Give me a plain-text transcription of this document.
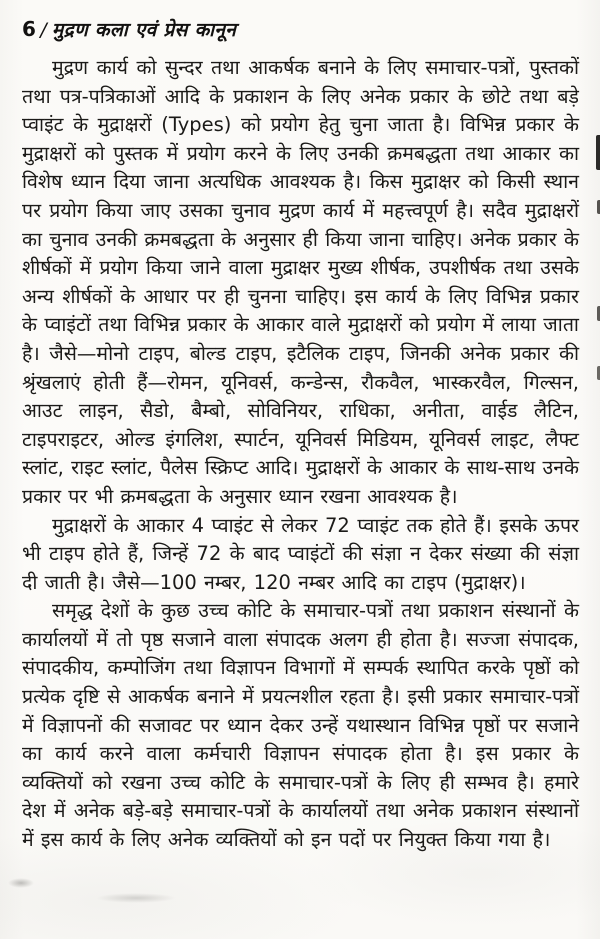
6 / मुद्रण कला एवं प्रेस कानून

मुद्रण कार्य को सुन्दर तथा आकर्षक बनाने के लिए समाचार-पत्रों, पुस्तकों तथा पत्र-पत्रिकाओं आदि के प्रकाशन के लिए अनेक प्रकार के छोटे तथा बड़े प्वाइंट के मुद्राक्षरों (Types) को प्रयोग हेतु चुना जाता है। विभिन्न प्रकार के मुद्राक्षरों को पुस्तक में प्रयोग करने के लिए उनकी क्रमबद्धता तथा आकार का विशेष ध्यान दिया जाना अत्यधिक आवश्यक है। किस मुद्राक्षर को किसी स्थान पर प्रयोग किया जाए उसका चुनाव मुद्रण कार्य में महत्त्वपूर्ण है। सदैव मुद्राक्षरों का चुनाव उनकी क्रमबद्धता के अनुसार ही किया जाना चाहिए। अनेक प्रकार के शीर्षकों में प्रयोग किया जाने वाला मुद्राक्षर मुख्य शीर्षक, उपशीर्षक तथा उसके अन्य शीर्षकों के आधार पर ही चुनना चाहिए। इस कार्य के लिए विभिन्न प्रकार के प्वाइंटों तथा विभिन्न प्रकार के आकार वाले मुद्राक्षरों को प्रयोग में लाया जाता है। जैसे—मोनो टाइप, बोल्ड टाइप, इटैलिक टाइप, जिनकी अनेक प्रकार की श्रृंखलाएं होती हैं—रोमन, यूनिवर्स, कन्डेन्स, रौकवैल, भास्करवैल, गिल्सन, आउट लाइन, सैडो, बैम्बो, सोविनियर, राधिका, अनीता, वाईड लैटिन, टाइपराइटर, ओल्ड इंगलिश, स्पार्टन, यूनिवर्स मिडियम, यूनिवर्स लाइट, लैफ्ट स्लांट, राइट स्लांट, पैलेस स्क्रिप्ट आदि। मुद्राक्षरों के आकार के साथ-साथ उनके प्रकार पर भी क्रमबद्धता के अनुसार ध्यान रखना आवश्यक है।

मुद्राक्षरों के आकार 4 प्वाइंट से लेकर 72 प्वाइंट तक होते हैं। इसके ऊपर भी टाइप होते हैं, जिन्हें 72 के बाद प्वाइंटों की संज्ञा न देकर संख्या की संज्ञा दी जाती है। जैसे—100 नम्बर, 120 नम्बर आदि का टाइप (मुद्राक्षर)।

समृद्ध देशों के कुछ उच्च कोटि के समाचार-पत्रों तथा प्रकाशन संस्थानों के कार्यालयों में तो पृष्ठ सजाने वाला संपादक अलग ही होता है। सज्जा संपादक, संपादकीय, कम्पोजिंग तथा विज्ञापन विभागों में सम्पर्क स्थापित करके पृष्ठों को प्रत्येक दृष्टि से आकर्षक बनाने में प्रयत्नशील रहता है। इसी प्रकार समाचार-पत्रों में विज्ञापनों की सजावट पर ध्यान देकर उन्हें यथास्थान विभिन्न पृष्ठों पर सजाने का कार्य करने वाला कर्मचारी विज्ञापन संपादक होता है। इस प्रकार के व्यक्तियों को रखना उच्च कोटि के समाचार-पत्रों के लिए ही सम्भव है। हमारे देश में अनेक बड़े-बड़े समाचार-पत्रों के कार्यालयों तथा अनेक प्रकाशन संस्थानों में इस कार्य के लिए अनेक व्यक्तियों को इन पदों पर नियुक्त किया गया है।
